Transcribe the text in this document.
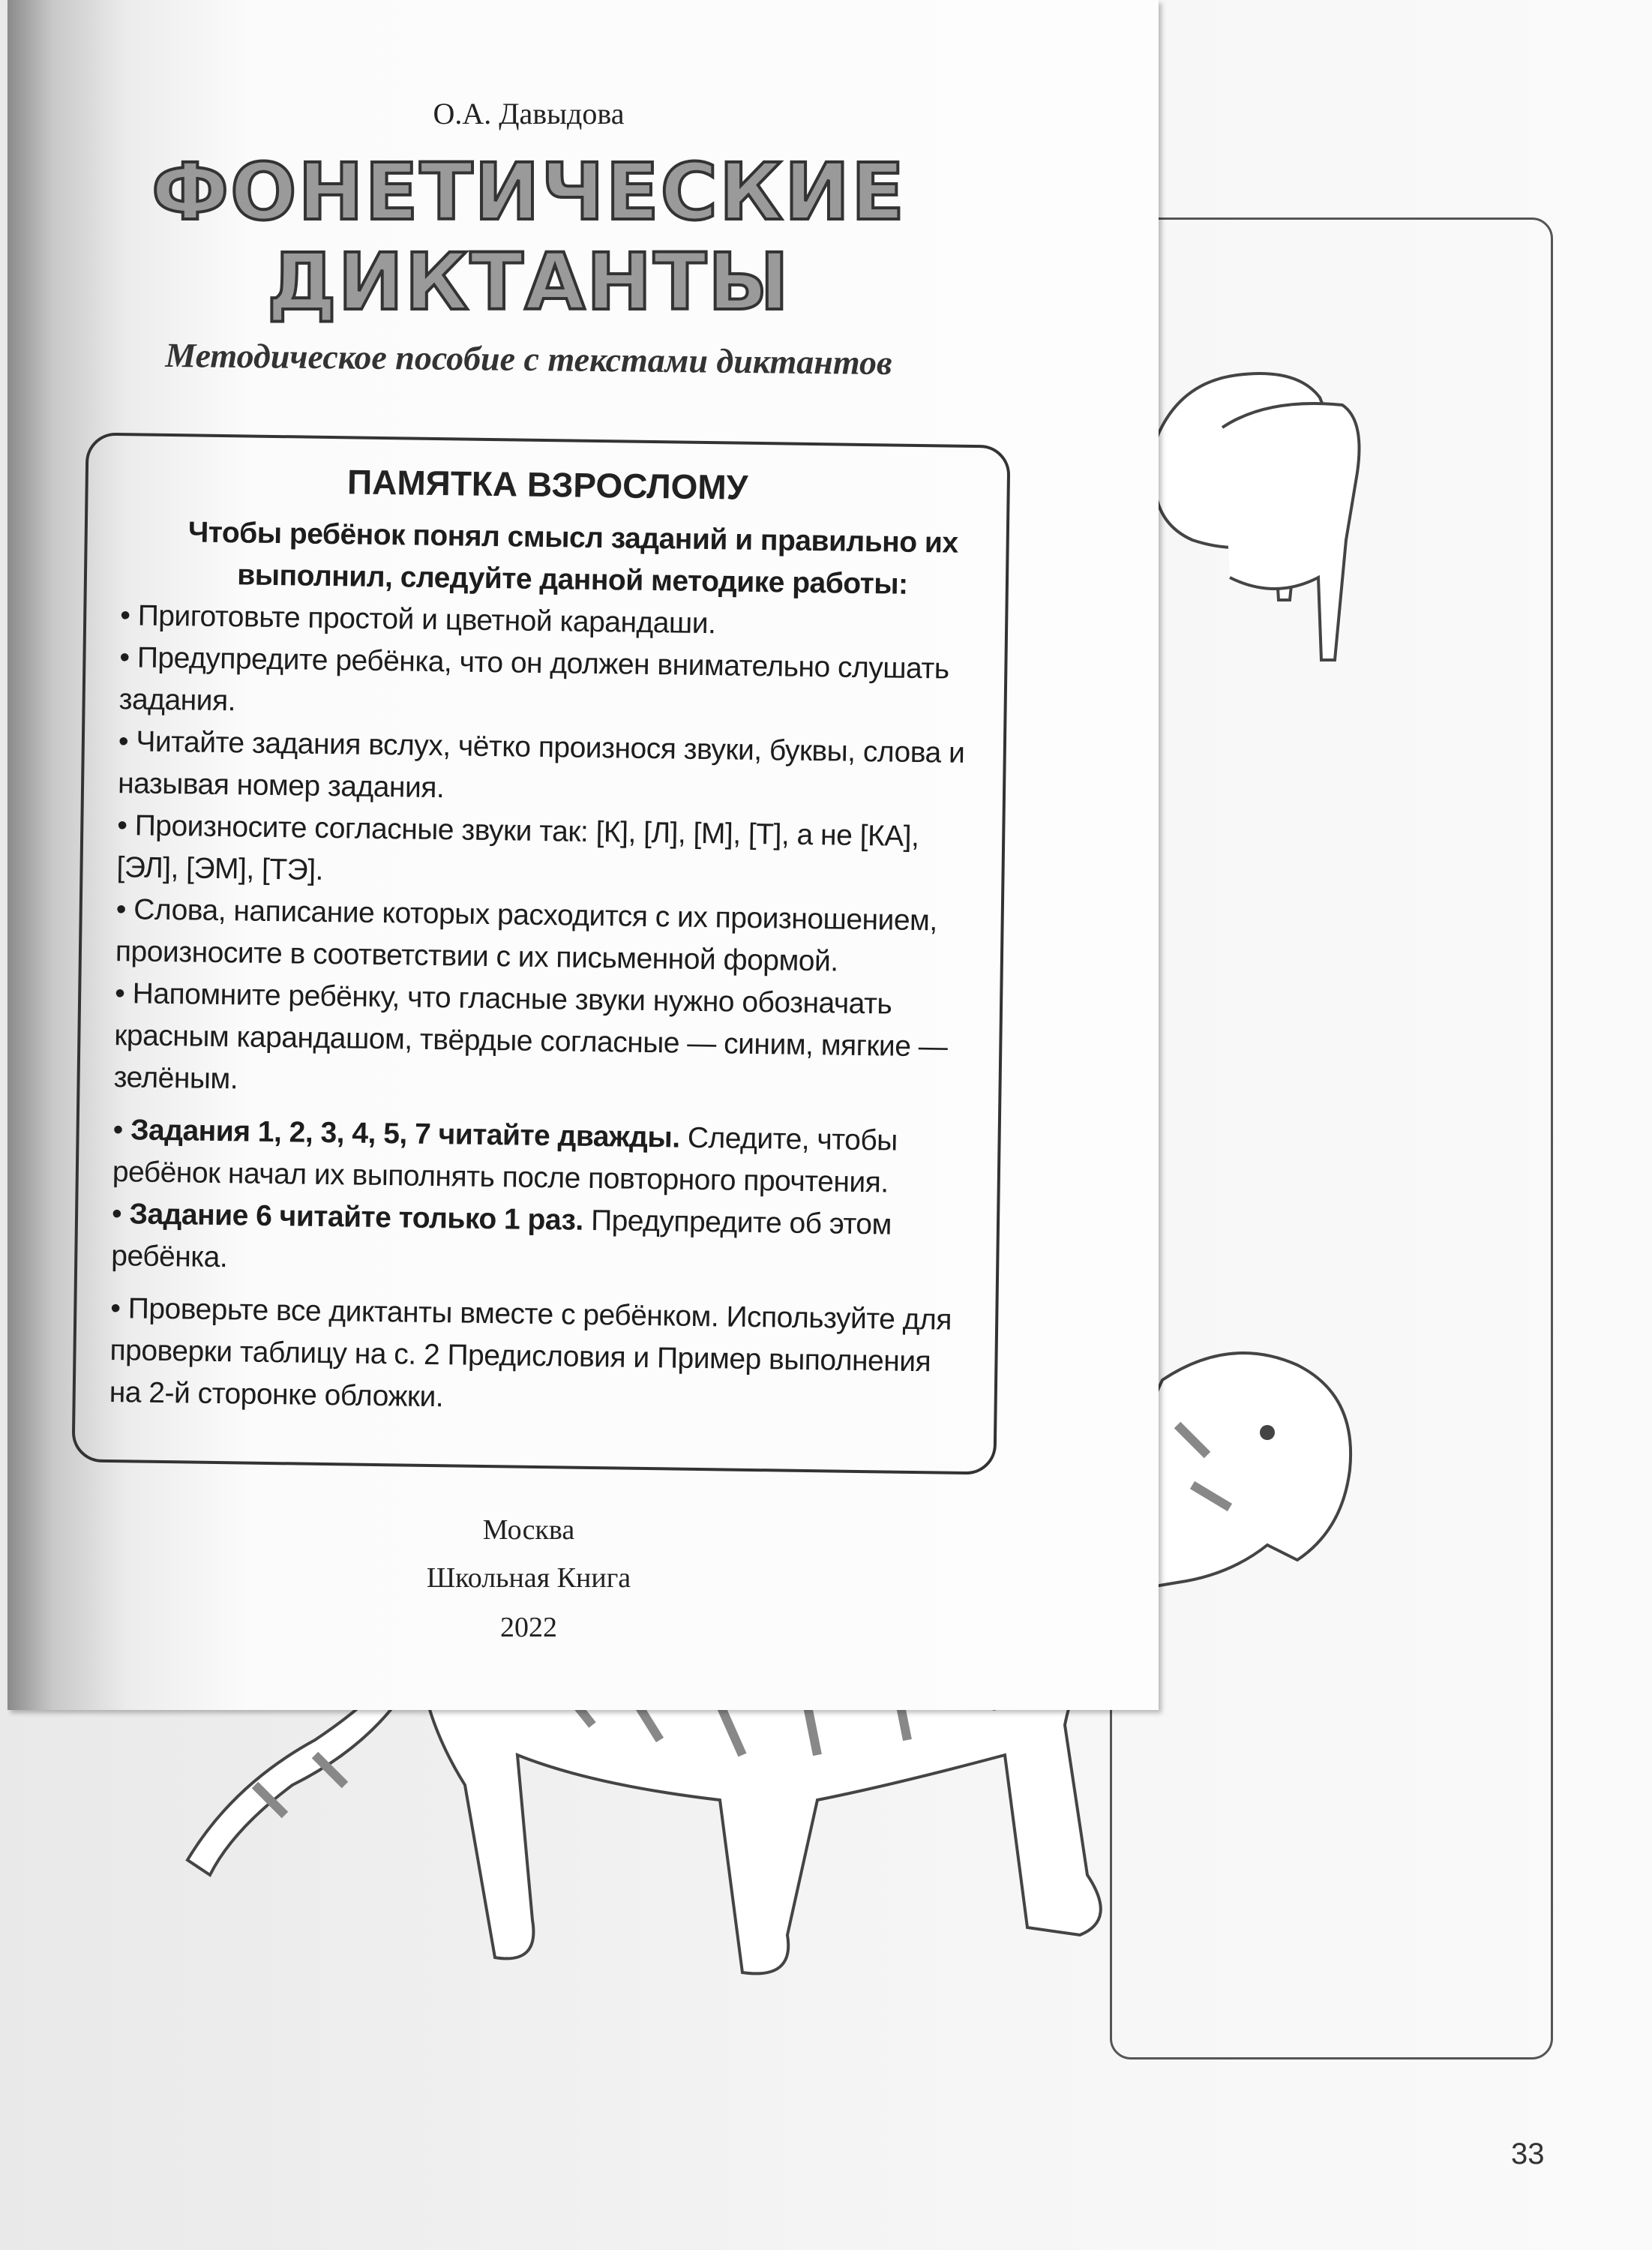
33
О.А. Давыдова
ФОНЕТИЧЕСКИЕ
ДИКТАНТЫ
Методическое пособие с текстами диктантов
ПАМЯТКА ВЗРОСЛОМУ
Чтобы ребёнок понял смысл заданий и правильно их выполнил, следуйте данной методике работы:
• Приготовьте простой и цветной карандаши.
• Предупредите ребёнка, что он должен внимательно слушать задания.
• Читайте задания вслух, чётко произнося звуки, буквы, слова и называя номер задания.
• Произносите согласные звуки так: [К], [Л], [М], [Т], а не [КА], [ЭЛ], [ЭМ], [ТЭ].
• Слова, написание которых расходится с их произношением, произносите в соответствии с их письменной формой.
• Напомните ребёнку, что гласные звуки нужно обозначать красным карандашом, твёрдые согласные — синим, мягкие — зелёным.
• Задания 1, 2, 3, 4, 5, 7 читайте дважды. Следите, чтобы ребёнок начал их выполнять после повторного прочтения.
• Задание 6 читайте только 1 раз. Предупредите об этом ребёнка.
• Проверьте все диктанты вместе с ребёнком. Используйте для проверки таблицу на с. 2 Предисловия и Пример выполнения на 2-й сторонке обложки.
Москва
Школьная Книга
2022
